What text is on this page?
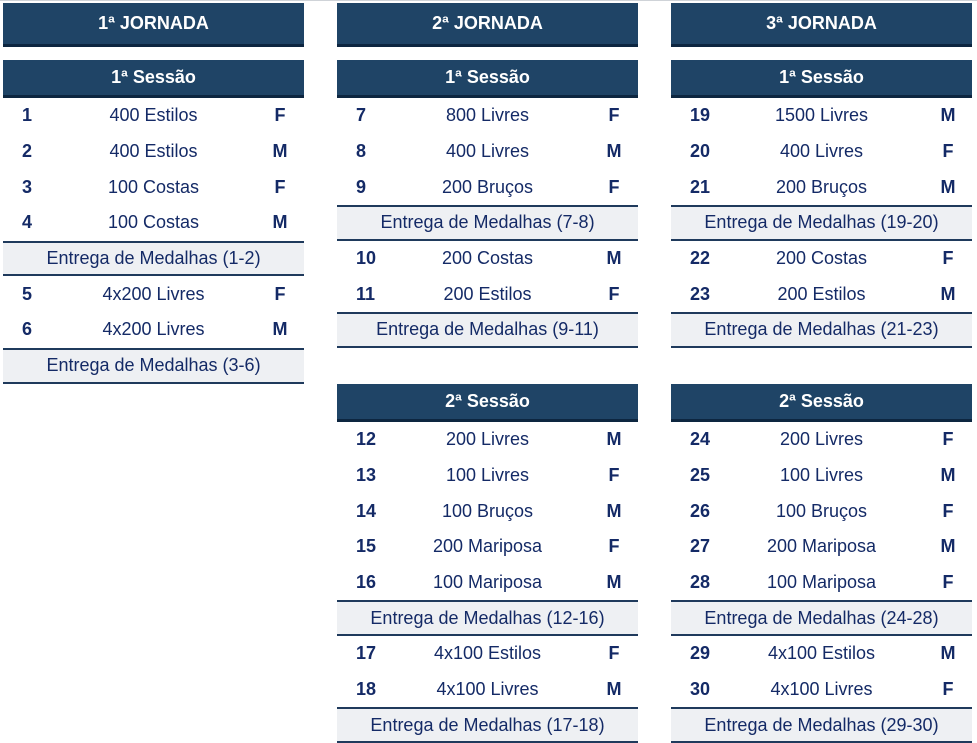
1ª JORNADA
1ª Sessão
1	400 Estilos	F
2	400 Estilos	M
3	100 Costas	F
4	100 Costas	M
Entrega de Medalhas (1-2)
5	4x200 Livres	F
6	4x200 Livres	M
Entrega de Medalhas (3-6)
2ª JORNADA
1ª Sessão
7	800 Livres	F
8	400 Livres	M
9	200 Bruços	F
Entrega de Medalhas (7-8)
10	200 Costas	M
11	200 Estilos	F
Entrega de Medalhas (9-11)
2ª Sessão
12	200 Livres	M
13	100 Livres	F
14	100 Bruços	M
15	200 Mariposa	F
16	100 Mariposa	M
Entrega de Medalhas (12-16)
17	4x100 Estilos	F
18	4x100 Livres	M
Entrega de Medalhas (17-18)
3ª JORNADA
1ª Sessão
19	1500 Livres	M
20	400 Livres	F
21	200 Bruços	M
Entrega de Medalhas (19-20)
22	200 Costas	F
23	200 Estilos	M
Entrega de Medalhas (21-23)
2ª Sessão
24	200 Livres	F
25	100 Livres	M
26	100 Bruços	F
27	200 Mariposa	M
28	100 Mariposa	F
Entrega de Medalhas (24-28)
29	4x100 Estilos	M
30	4x100 Livres	F
Entrega de Medalhas (29-30)
